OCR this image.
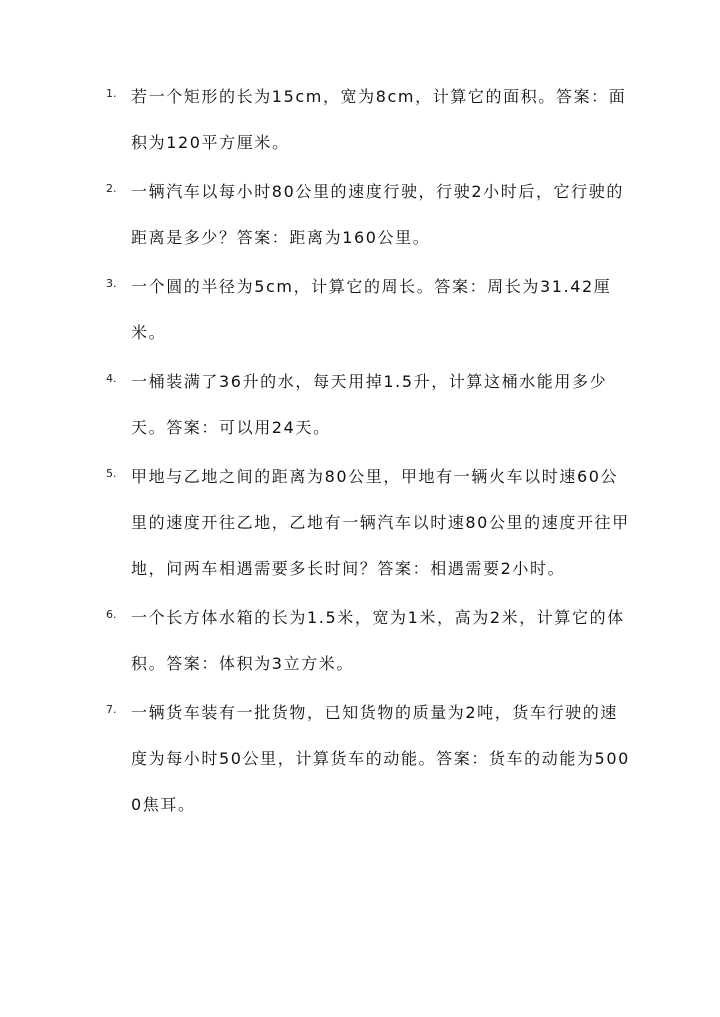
1. 若一个矩形的长为15cm，宽为8cm，计算它的面积。答案：面积为120平方厘米。
2. 一辆汽车以每小时80公里的速度行驶，行驶2小时后，它行驶的距离是多少？答案：距离为160公里。
3. 一个圆的半径为5cm，计算它的周长。答案：周长为31.42厘米。
4. 一桶装满了36升的水，每天用掉1.5升，计算这桶水能用多少天。答案：可以用24天。
5. 甲地与乙地之间的距离为80公里，甲地有一辆火车以时速60公里的速度开往乙地，乙地有一辆汽车以时速80公里的速度开往甲地，问两车相遇需要多长时间？答案：相遇需要2小时。
6. 一个长方体水箱的长为1.5米，宽为1米，高为2米，计算它的体积。答案：体积为3立方米。
7. 一辆货车装有一批货物，已知货物的质量为2吨，货车行驶的速度为每小时50公里，计算货车的动能。答案：货车的动能为5000焦耳。
